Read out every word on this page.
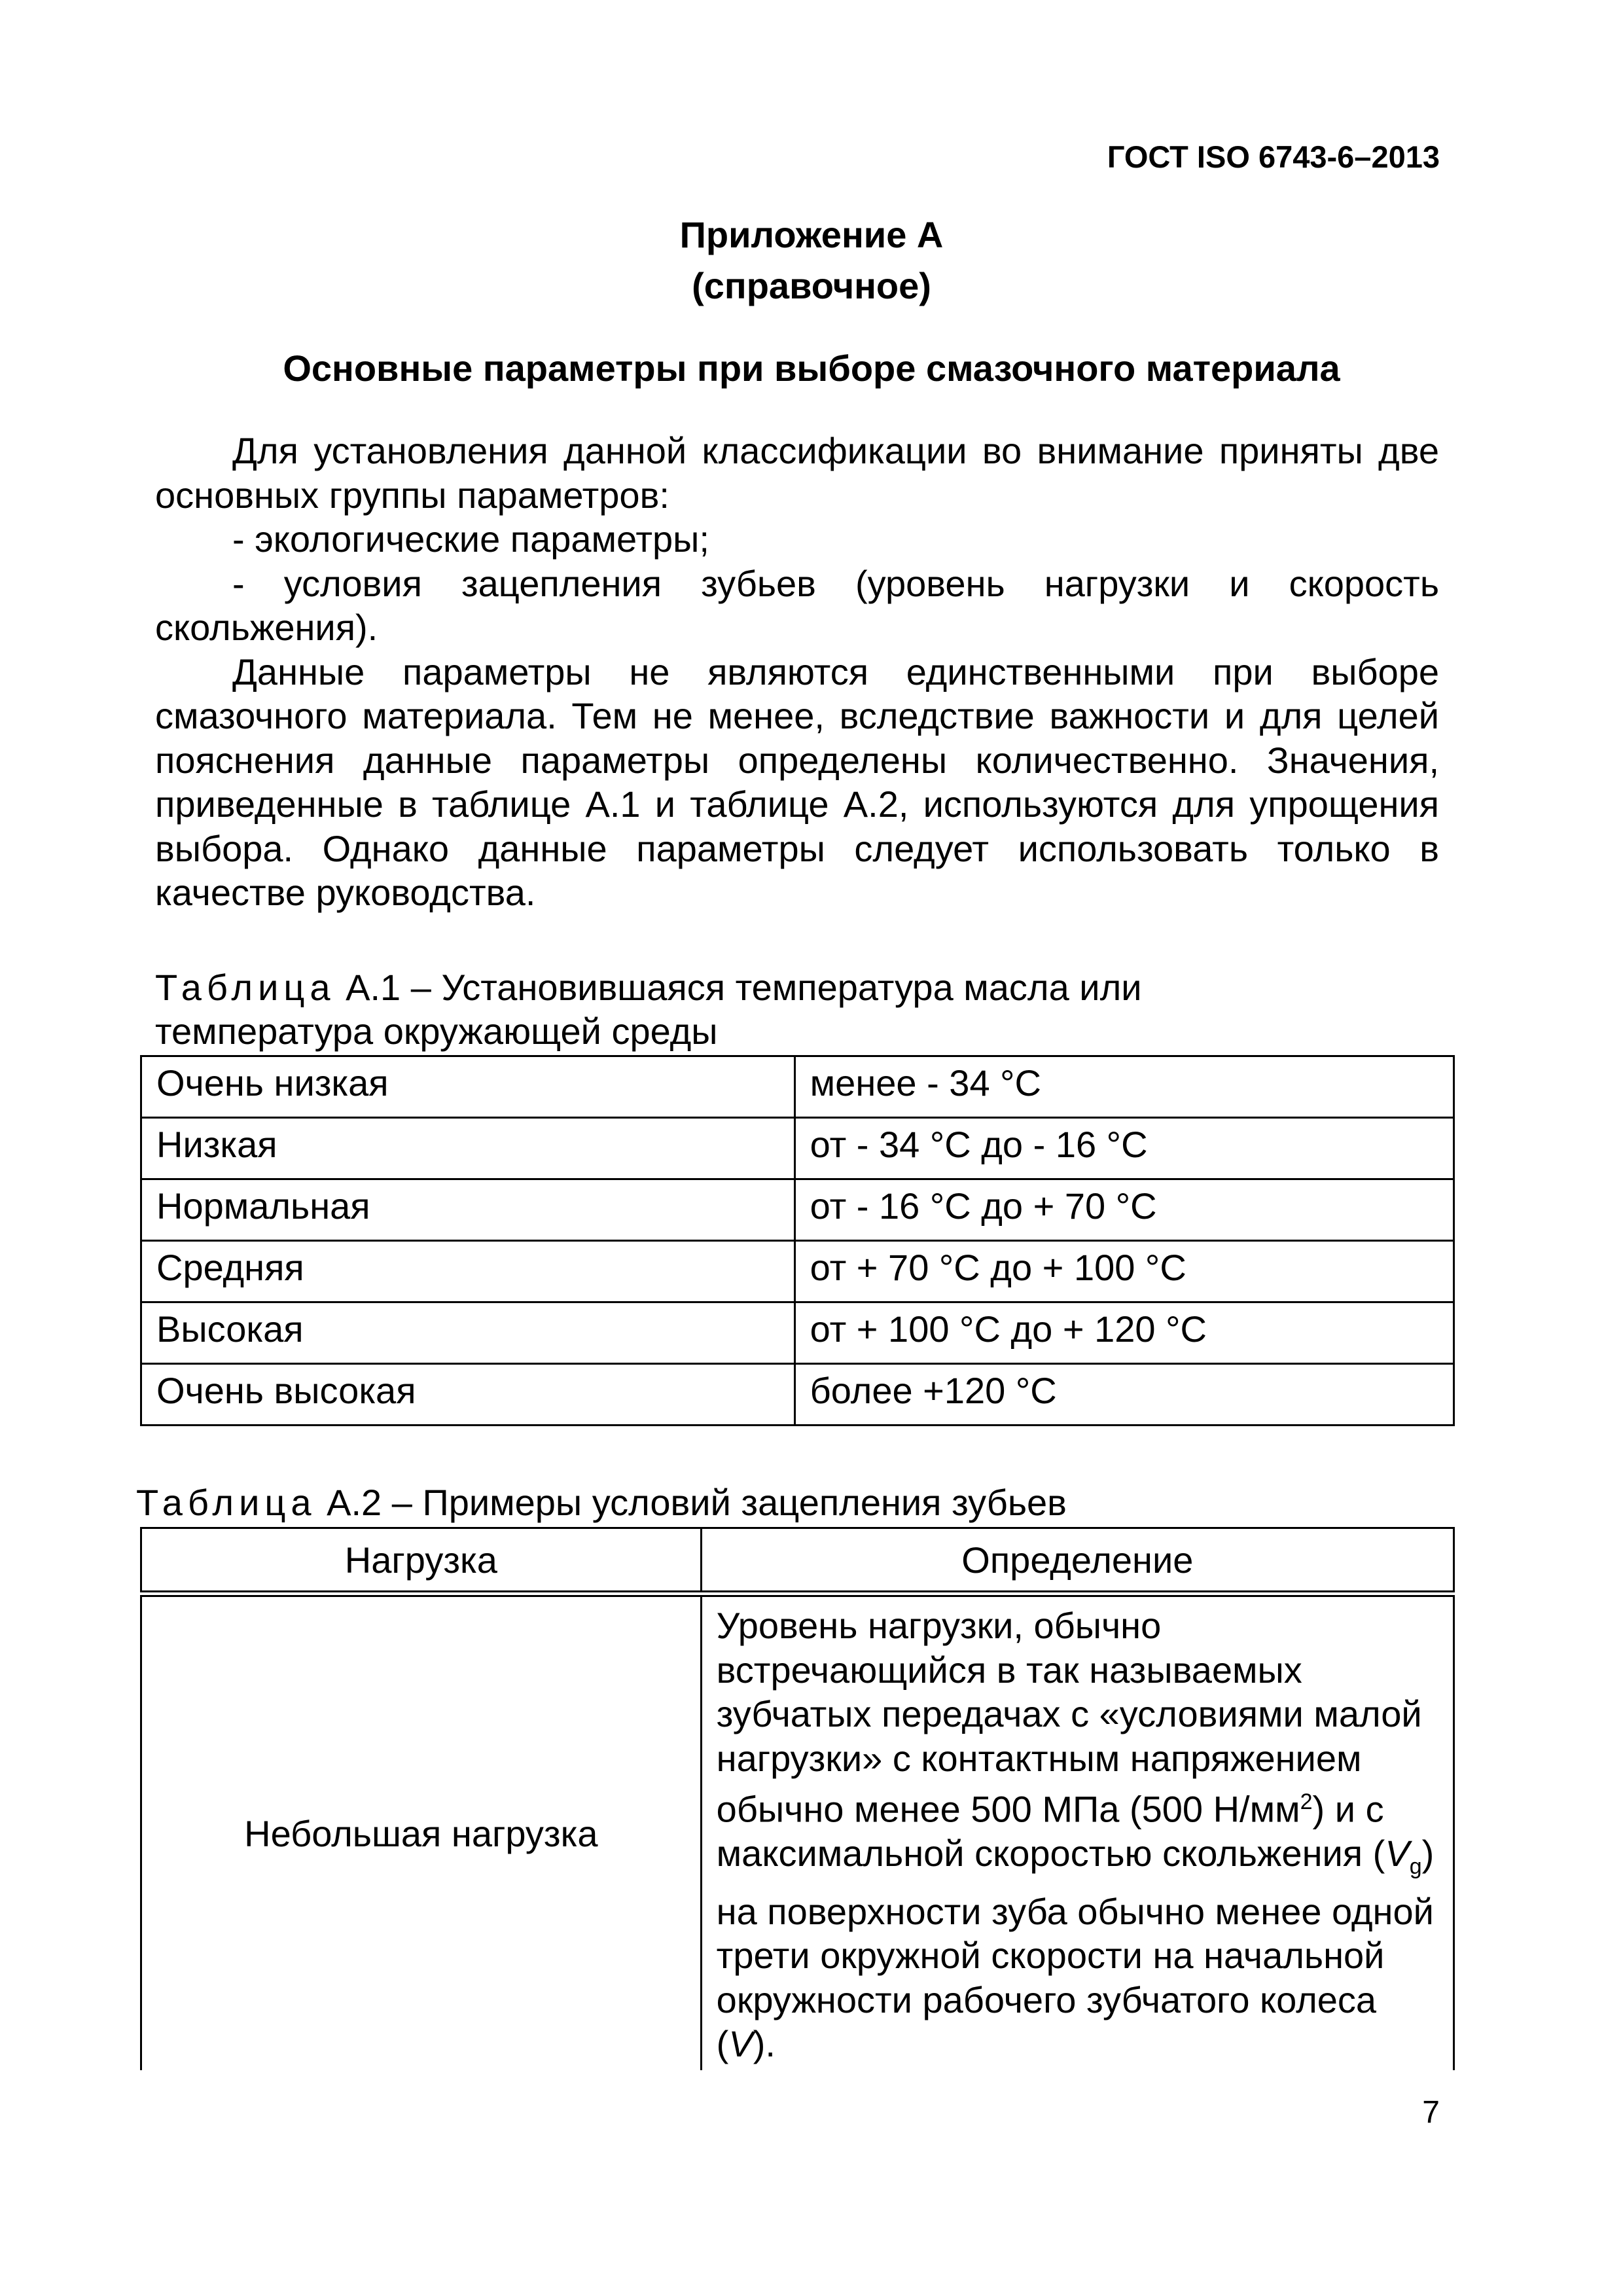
ГОСТ ISO 6743-6–2013
Приложение А
(справочное)
Основные параметры при выборе смазочного материала

Для установления данной классификации во внимание приняты две основных группы параметров:

- экологические параметры;

- условия зацепления зубьев (уровень нагрузки и скорость скольжения).

Данные параметры не являются единственными при выборе смазочного материала. Тем не менее, вследствие важности и для целей пояснения данные параметры определены количественно. Значения, приведенные в таблице А.1 и таблице А.2, используются для упрощения выбора. Однако данные параметры следует использовать только в качестве руководства.

Таблица А.1 – Установившаяся температура масла или температура окружающей среды
Очень низкая	менее - 34 °С
Низкая	от - 34 °С до - 16 °С
Нормальная	от - 16 °С до + 70 °С
Средняя	от + 70 °С до + 100 °С
Высокая	от + 100 °С до + 120 °С
Очень высокая	более +120 °С
Таблица А.2 – Примеры условий зацепления зубьев
Нагрузка	Определение
Небольшая нагрузка	Уровень нагрузки, обычно встречающийся в так называемых зубчатых передачах с «условиями малой нагрузки» с контактным напряжением обычно менее 500 МПа (500 $Н/мм^2$) и с максимальной скоростью скольжения $(V_g)$ на поверхности зуба обычно менее одной трети окружной скорости на начальной окружности рабочего зубчатого колеса (V).
7
